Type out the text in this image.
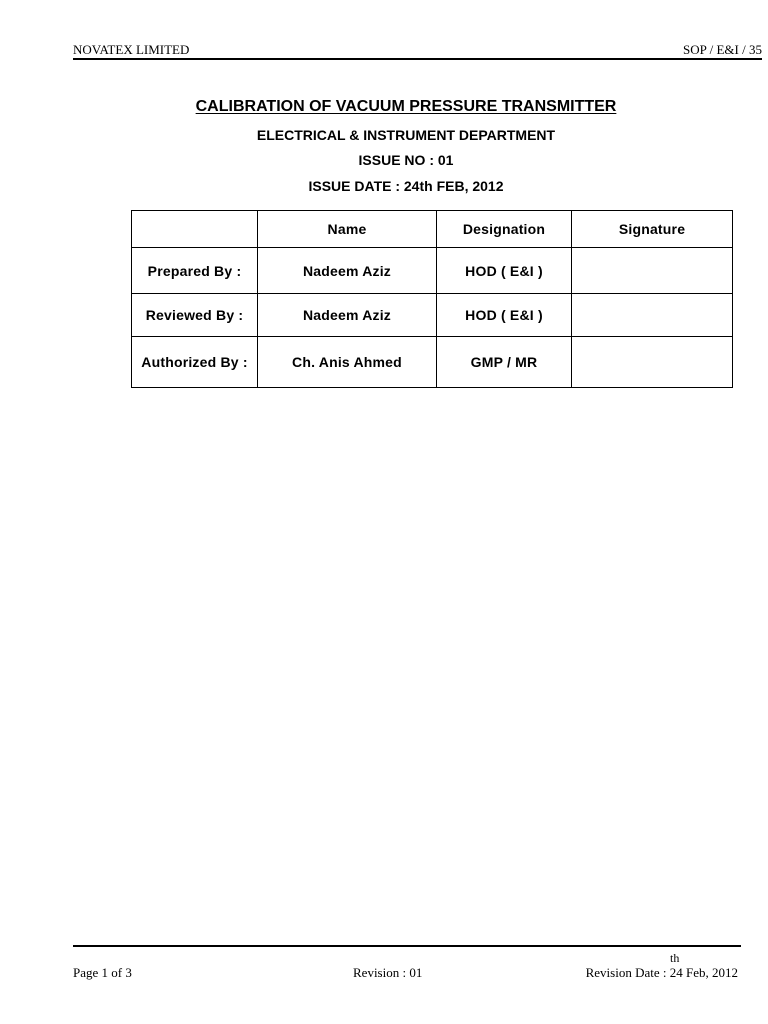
NOVATEX LIMITED	SOP / E&I / 35
CALIBRATION OF VACUUM PRESSURE TRANSMITTER
ELECTRICAL & INSTRUMENT DEPARTMENT
ISSUE NO : 01
ISSUE DATE : 24th FEB, 2012
	Name	Designation	Signature
Prepared By :	Nadeem Aziz	HOD ( E&I )	
Reviewed By :	Nadeem Aziz	HOD ( E&I )	
Authorized By :	Ch. Anis Ahmed	GMP / MR	
th
Page 1 of 3	Revision : 01	Revision Date : 24 Feb, 2012
